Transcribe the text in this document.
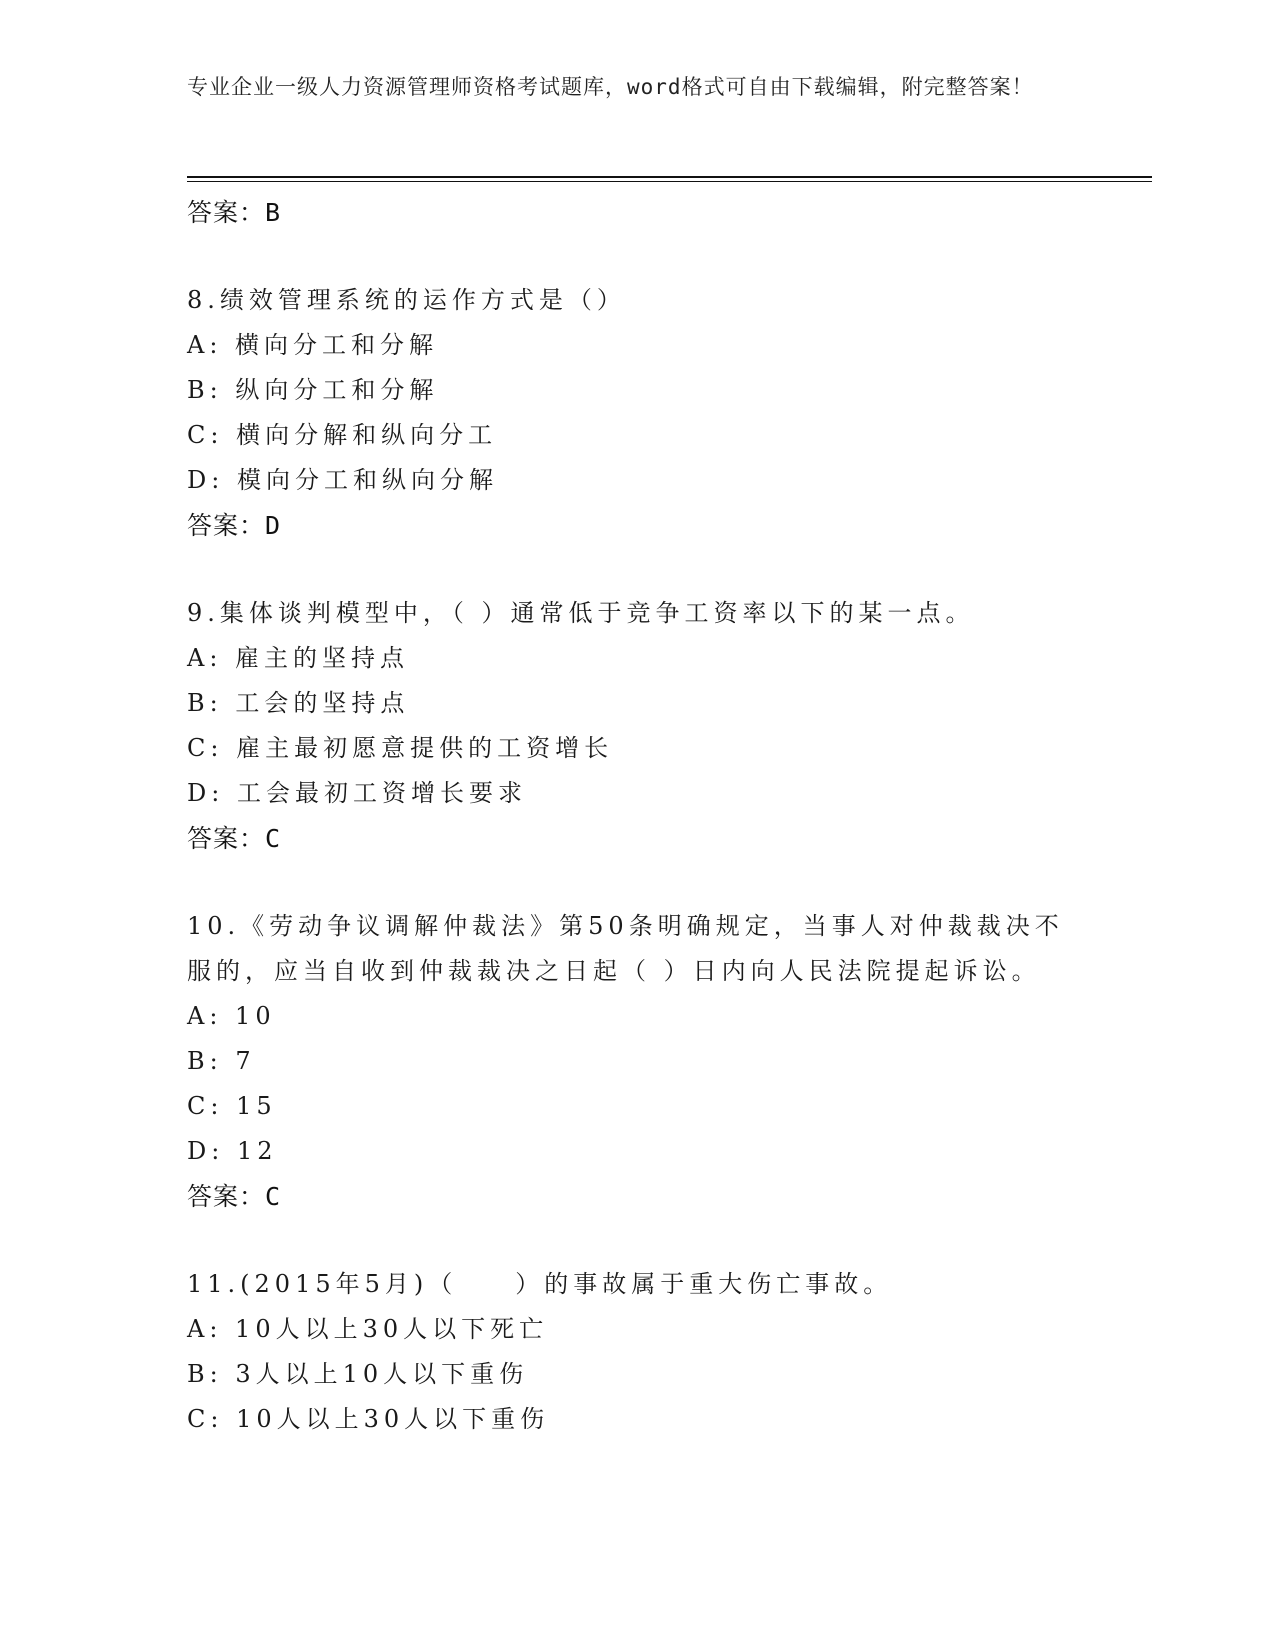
专业企业一级人力资源管理师资格考试题库，word格式可自由下载编辑，附完整答案！
答案：B
8.绩效管理系统的运作方式是（）
A: 横向分工和分解
B: 纵向分工和分解
C: 横向分解和纵向分工
D: 模向分工和纵向分解
答案：D
9.集体谈判模型中，（ ）通常低于竞争工资率以下的某一点。
A: 雇主的坚持点
B: 工会的坚持点
C: 雇主最初愿意提供的工资增长
D: 工会最初工资增长要求
答案：C
10.《劳动争议调解仲裁法》第50条明确规定，当事人对仲裁裁决不服的，应当自收到仲裁裁决之日起（ ）日内向人民法院提起诉讼。
A: 10
B: 7
C: 15
D: 12
答案：C
11.(2015年5月)（　　）的事故属于重大伤亡事故。
A: 10人以上30人以下死亡
B: 3人以上10人以下重伤
C: 10人以上30人以下重伤
